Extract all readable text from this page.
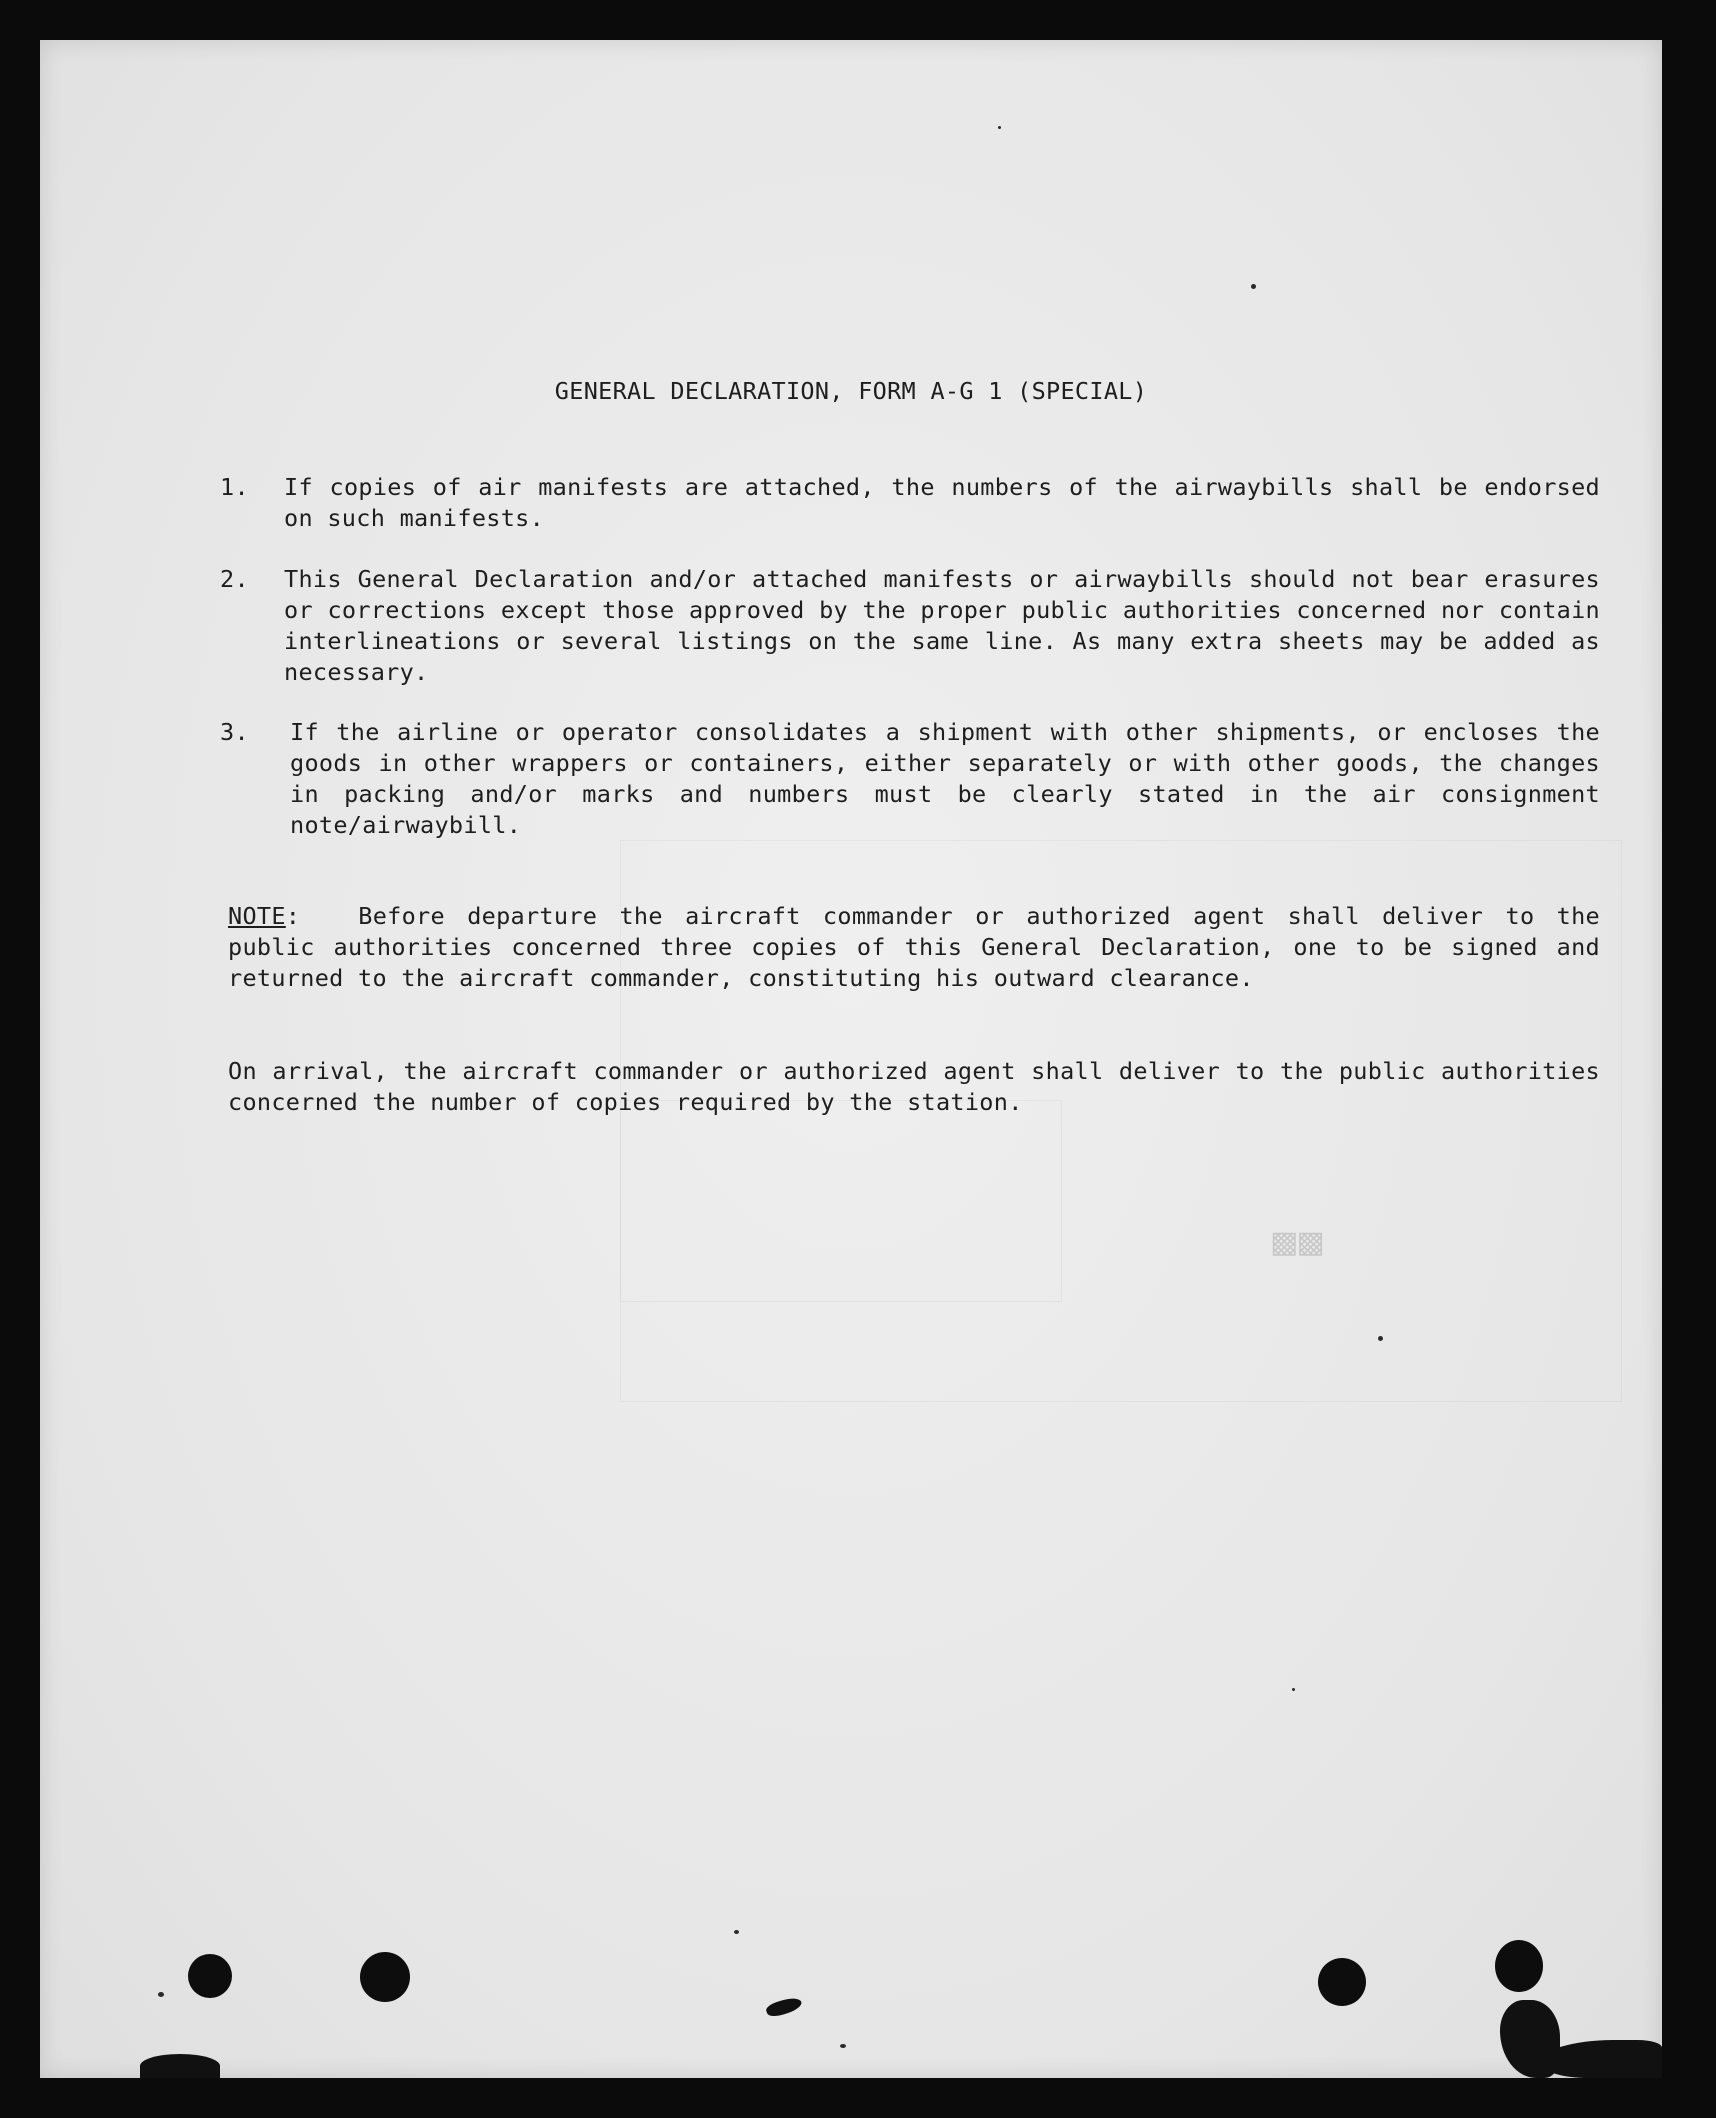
GENERAL DECLARATION, FORM A-G 1 (SPECIAL)
1.	If copies of air manifests are attached, the numbers of the airwaybills shall be endorsed on such manifests.
2.	This General Declaration and/or attached manifests or airwaybills should not bear erasures or corrections except those approved by the proper public authorities concerned nor contain interlineations or several listings on the same line. As many extra sheets may be added as necessary.
3.	If the airline or operator consolidates a shipment with other shipments, or encloses the goods in other wrappers or containers, either separately or with other goods, the changes in packing and/or marks and numbers must be clearly stated in the air consignment note/airwaybill.

NOTE: Before departure the aircraft commander or authorized agent shall deliver to the public authorities concerned three copies of this General Declaration, one to be signed and returned to the aircraft commander, constituting his outward clearance.

On arrival, the aircraft commander or authorized agent shall deliver to the public authorities concerned the number of copies required by the station.

▩▩
